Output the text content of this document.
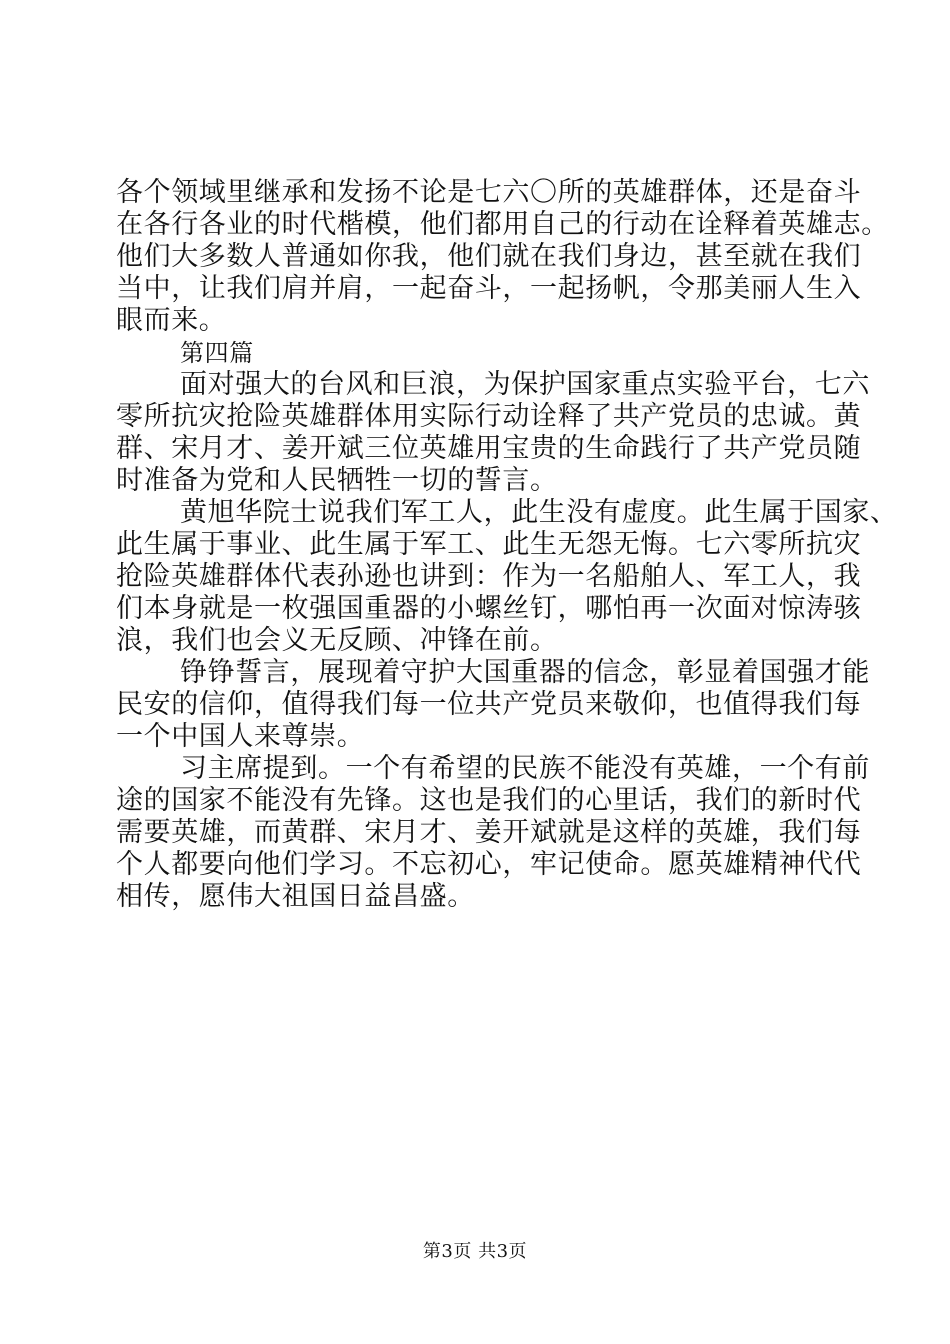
各个领域里继承和发扬不论是七六〇所的英雄群体，还是奋斗
在各行各业的时代楷模，他们都用自己的行动在诠释着英雄志。
他们大多数人普通如你我，他们就在我们身边，甚至就在我们
当中，让我们肩并肩，一起奋斗，一起扬帆，令那美丽人生入
眼而来。
第四篇
面对强大的台风和巨浪，为保护国家重点实验平台，七六
零所抗灾抢险英雄群体用实际行动诠释了共产党员的忠诚。黄
群、宋月才、姜开斌三位英雄用宝贵的生命践行了共产党员随
时准备为党和人民牺牲一切的誓言。
黄旭华院士说我们军工人，此生没有虚度。此生属于国家、
此生属于事业、此生属于军工、此生无怨无悔。七六零所抗灾
抢险英雄群体代表孙逊也讲到：作为一名船舶人、军工人，我
们本身就是一枚强国重器的小螺丝钉，哪怕再一次面对惊涛骇
浪，我们也会义无反顾、冲锋在前。
铮铮誓言，展现着守护大国重器的信念，彰显着国强才能
民安的信仰，值得我们每一位共产党员来敬仰，也值得我们每
一个中国人来尊崇。
习主席提到。一个有希望的民族不能没有英雄，一个有前
途的国家不能没有先锋。这也是我们的心里话，我们的新时代
需要英雄，而黄群、宋月才、姜开斌就是这样的英雄，我们每
个人都要向他们学习。不忘初心，牢记使命。愿英雄精神代代
相传，愿伟大祖国日益昌盛。
第3页 共3页
